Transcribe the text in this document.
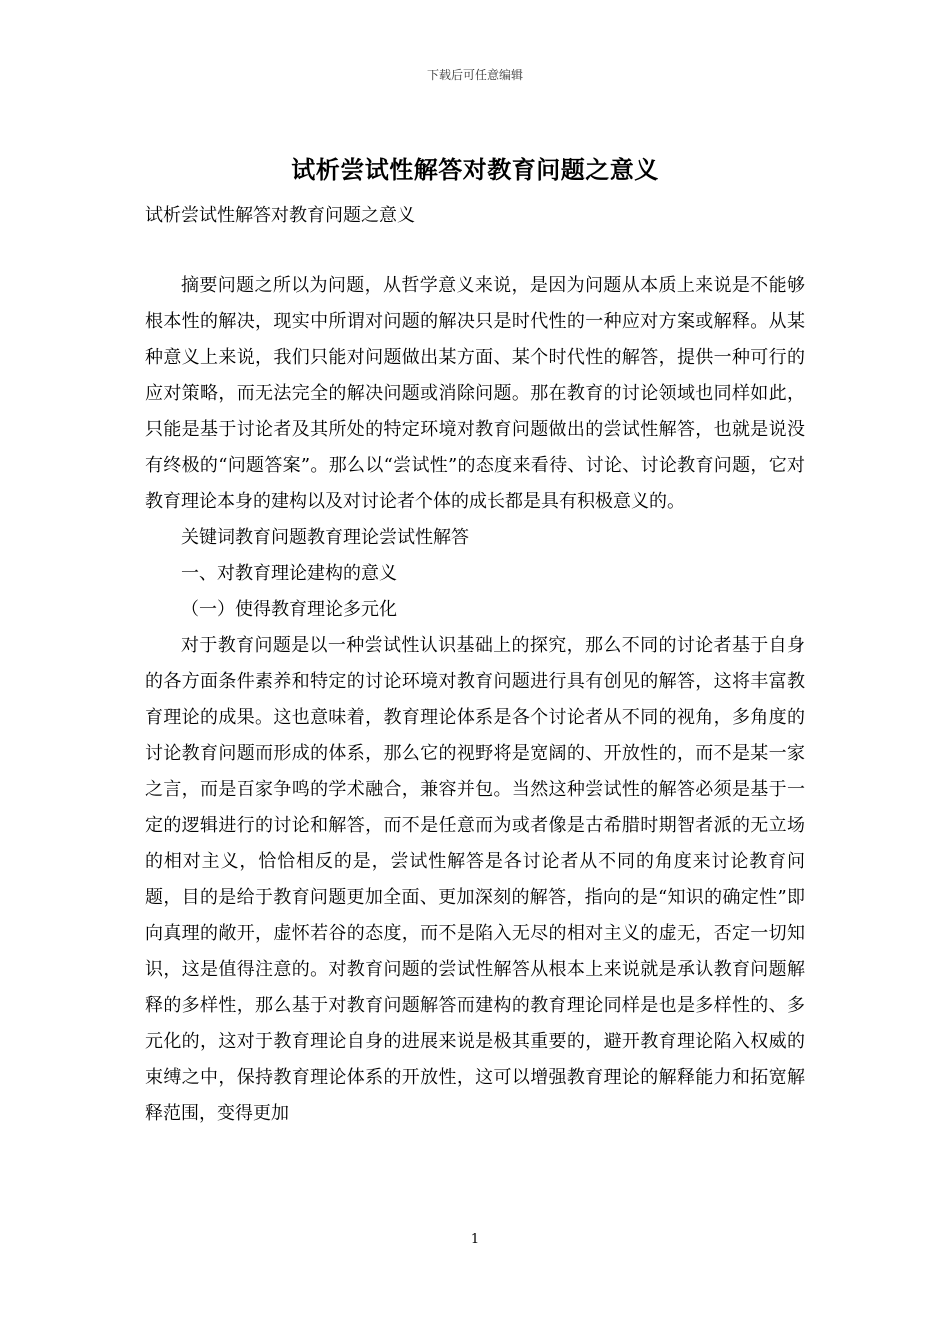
下载后可任意编辑
试析尝试性解答对教育问题之意义
试析尝试性解答对教育问题之意义

摘要问题之所以为问题，从哲学意义来说，是因为问题从本质上来说是不能够根本性的解决，现实中所谓对问题的解决只是时代性的一种应对方案或解释。从某种意义上来说，我们只能对问题做出某方面、某个时代性的解答，提供一种可行的应对策略，而无法完全的解决问题或消除问题。那在教育的讨论领域也同样如此，只能是基于讨论者及其所处的特定环境对教育问题做出的尝试性解答，也就是说没有终极的“问题答案”。那么以“尝试性”的态度来看待、讨论、讨论教育问题，它对教育理论本身的建构以及对讨论者个体的成长都是具有积极意义的。

关键词教育问题教育理论尝试性解答

一、对教育理论建构的意义

（一）使得教育理论多元化

对于教育问题是以一种尝试性认识基础上的探究，那么不同的讨论者基于自身的各方面条件素养和特定的讨论环境对教育问题进行具有创见的解答，这将丰富教育理论的成果。这也意味着，教育理论体系是各个讨论者从不同的视角，多角度的讨论教育问题而形成的体系，那么它的视野将是宽阔的、开放性的，而不是某一家之言，而是百家争鸣的学术融合，兼容并包。当然这种尝试性的解答必须是基于一定的逻辑进行的讨论和解答，而不是任意而为或者像是古希腊时期智者派的无立场的相对主义，恰恰相反的是，尝试性解答是各讨论者从不同的角度来讨论教育问题，目的是给于教育问题更加全面、更加深刻的解答，指向的是“知识的确定性”即向真理的敞开，虚怀若谷的态度，而不是陷入无尽的相对主义的虚无，否定一切知识，这是值得注意的。对教育问题的尝试性解答从根本上来说就是承认教育问题解释的多样性，那么基于对教育问题解答而建构的教育理论同样是也是多样性的、多元化的，这对于教育理论自身的进展来说是极其重要的，避开教育理论陷入权威的束缚之中，保持教育理论体系的开放性，这可以增强教育理论的解释能力和拓宽解释范围，变得更加

1
